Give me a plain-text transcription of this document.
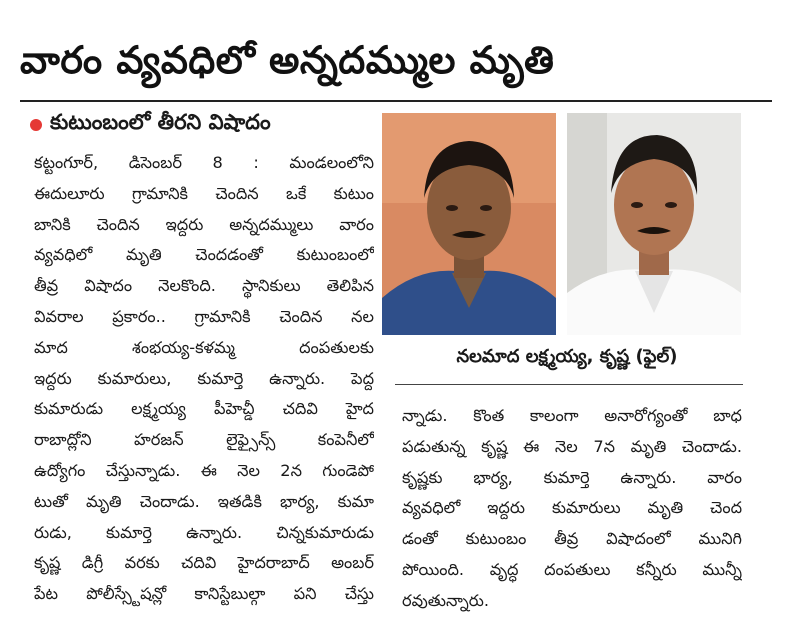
వారం వ్యవధిలో అన్నదమ్ముల మృతి
కుటుంబంలో తీరని విషాదం

కట్టంగూర్, డిసెంబర్ 8 : మండలంలోని

ఈదులూరు గ్రామానికి చెందిన ఒకే కుటుం

బానికి చెందిన ఇద్దరు అన్నదమ్ములు వారం

వ్యవధిలో మృతి చెందడంతో కుటుంబంలో

తీవ్ర విషాదం నెలకొంది. స్థానికులు తెలిపిన

వివరాల ప్రకారం.. గ్రామానికి చెందిన నల

మాద శంభయ్య-కళమ్మ దంపతులకు

ఇద్దరు కుమారులు, కుమార్తె ఉన్నారు. పెద్ద

కుమారుడు లక్ష్మయ్య పీహెచ్డీ చదివి హైద

రాబాద్లోని హరజన్ లైఫ్సైన్స్ కంపెనీలో

ఉద్యోగం చేస్తున్నాడు. ఈ నెల 2న గుండెపో

టుతో మృతి చెందాడు. ఇతడికి భార్య, కుమా

రుడు, కుమార్తె ఉన్నారు. చిన్నకుమారుడు

కృష్ణ డిగ్రీ వరకు చదివి హైదరాబాద్ అంబర్

పేట పోలీస్స్టేషన్లో కానిస్టేబుల్గా పని చేస్తు

నలమాద లక్ష్మయ్య, కృష్ణ (ఫైల్)

న్నాడు. కొంత కాలంగా అనారోగ్యంతో బాధ

పడుతున్న కృష్ణ ఈ నెల 7న మృతి చెందాడు.

కృష్ణకు భార్య, కుమార్తె ఉన్నారు. వారం

వ్యవధిలో ఇద్దరు కుమారులు మృతి చెంద

డంతో కుటుంబం తీవ్ర విషాదంలో మునిగి

పోయింది. వృద్ధ దంపతులు కన్నీరు మున్నీ

రవుతున్నారు.
